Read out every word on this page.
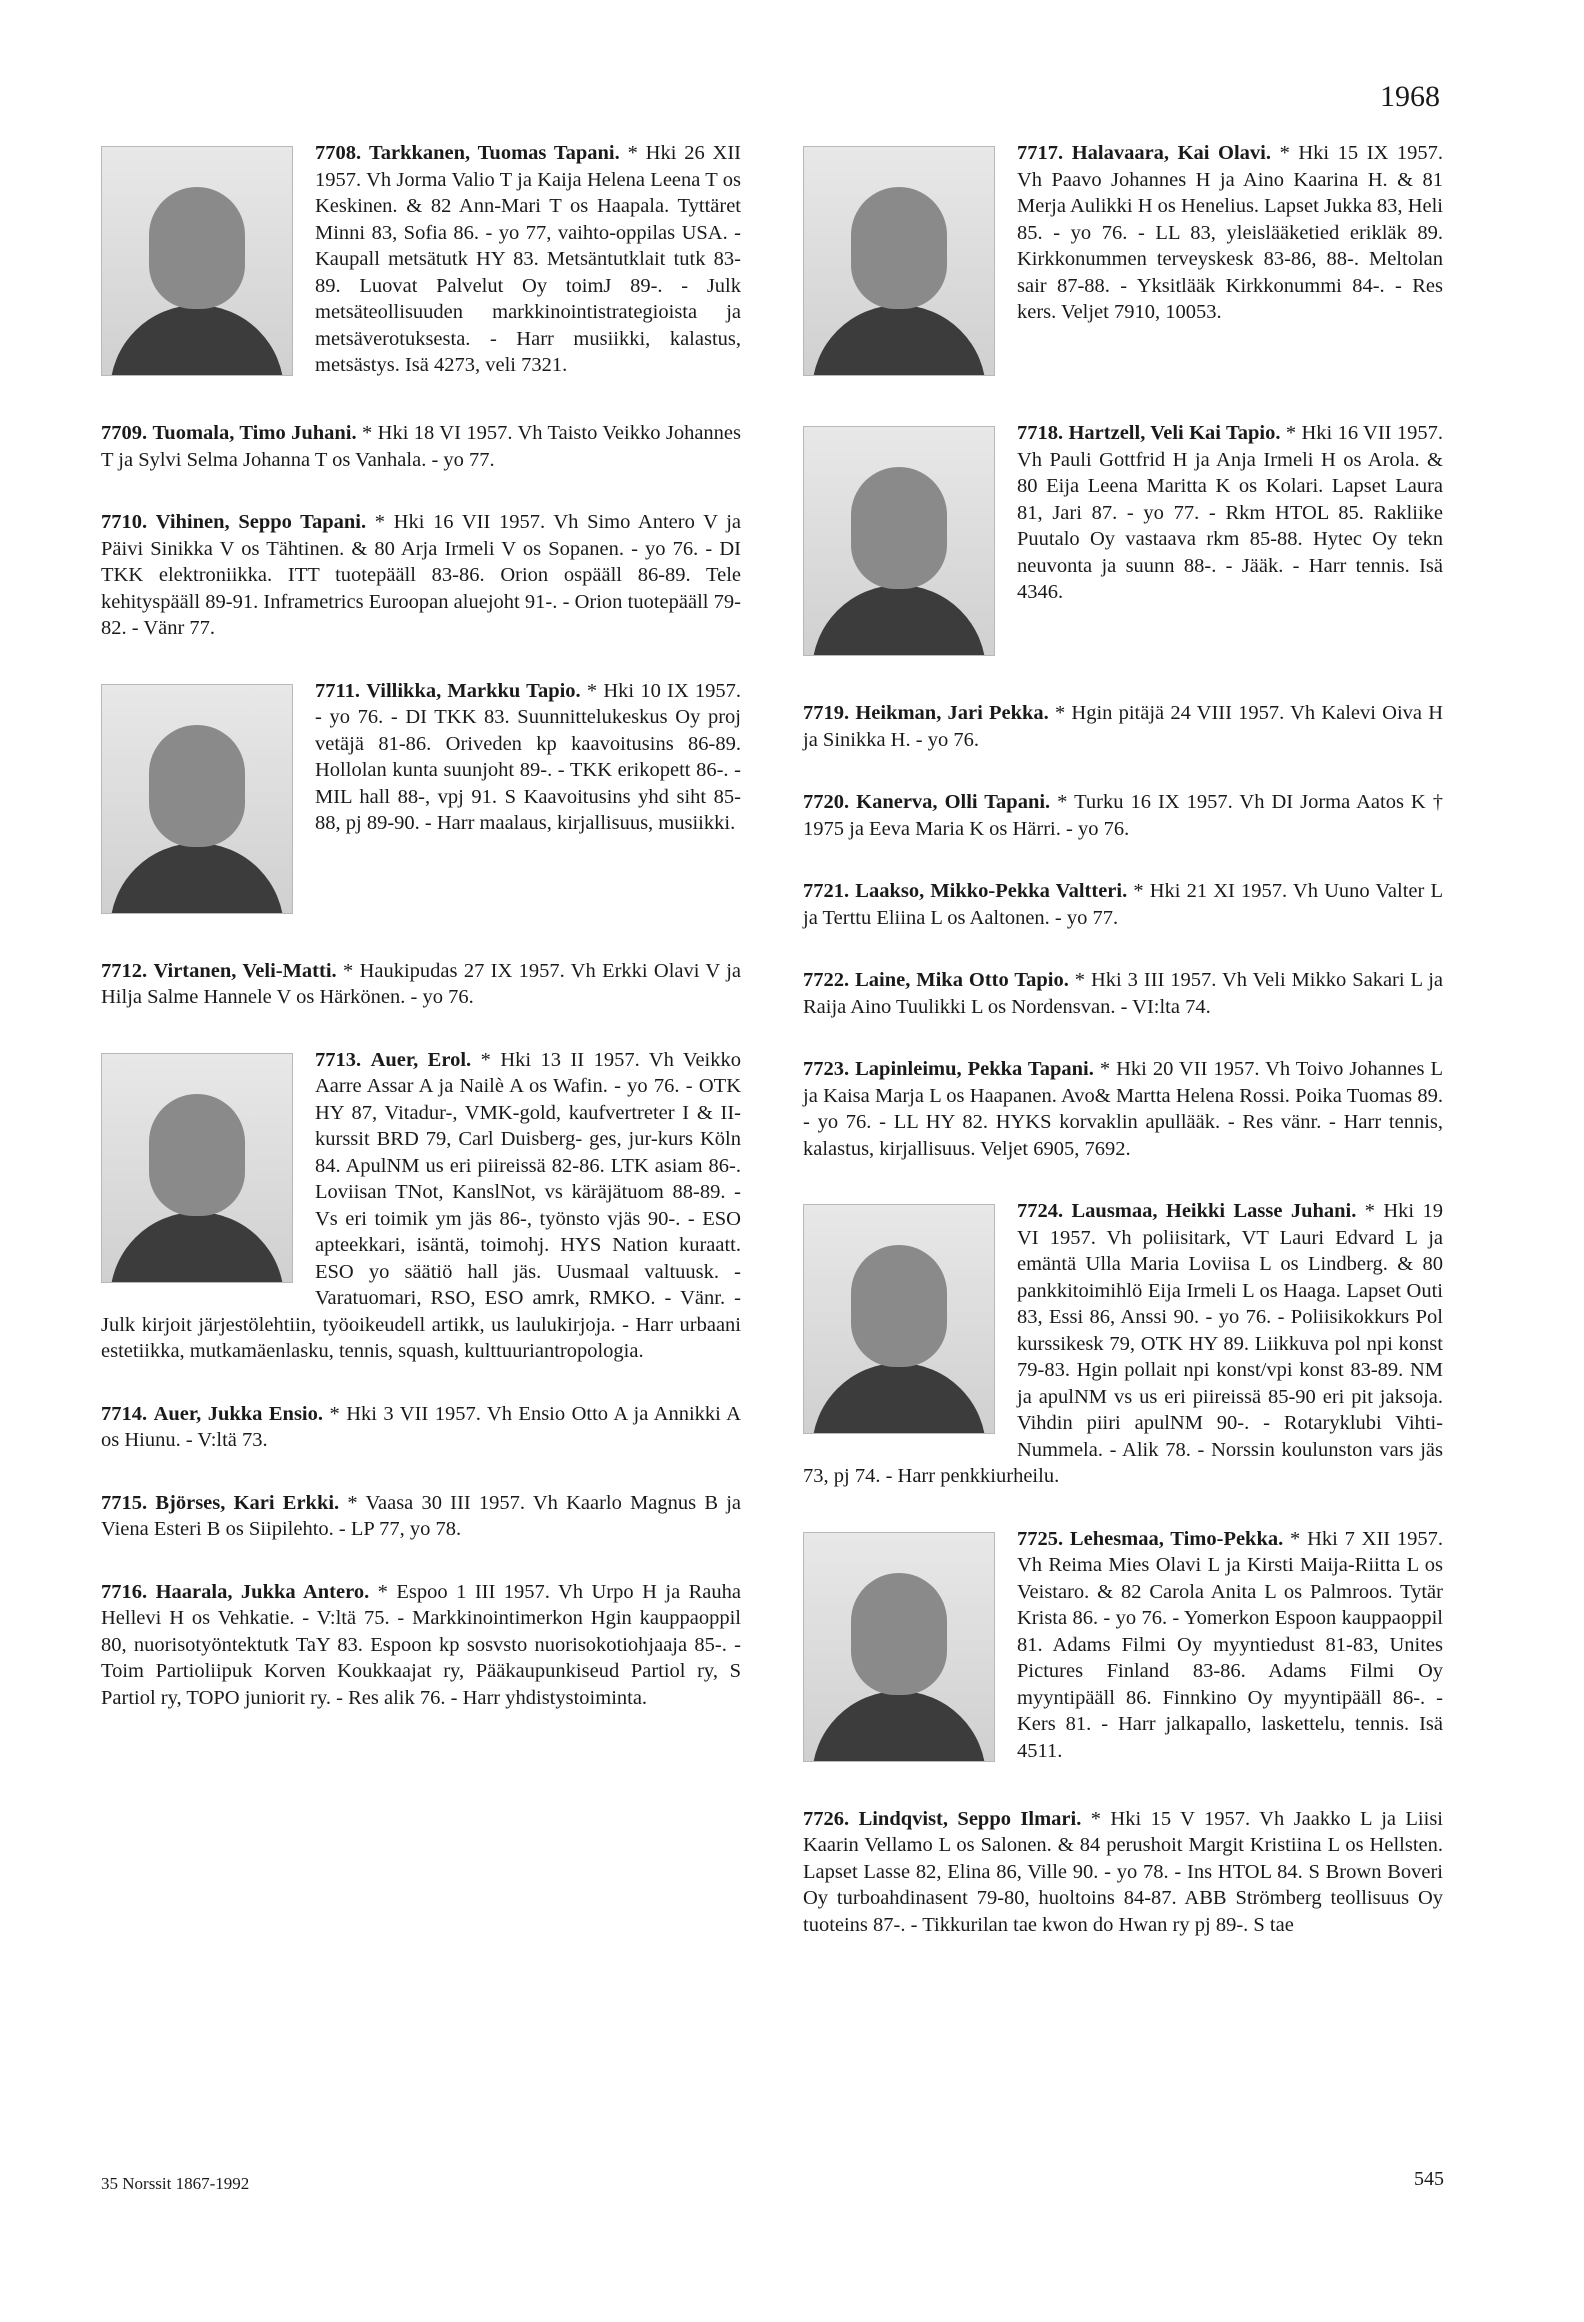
1968
7708. Tarkkanen, Tuomas Tapani. * Hki 26 XII 1957. Vh Jorma Valio T ja Kaija Helena Leena T os Keskinen. & 82 Ann-Mari T os Haapala. Tyttäret Minni 83, Sofia 86. - yo 77, vaihto-oppilas USA. - Kaupall metsätutk HY 83. Metsäntutklait tutk 83-89. Luovat Palvelut Oy toimJ 89-. - Julk metsäteollisuuden markkinointistrategioista ja metsäverotuksesta. - Harr musiikki, kalastus, metsästys. Isä 4273, veli 7321.
7709. Tuomala, Timo Juhani. * Hki 18 VI 1957. Vh Taisto Veikko Johannes T ja Sylvi Selma Johanna T os Vanhala. - yo 77.
7710. Vihinen, Seppo Tapani. * Hki 16 VII 1957. Vh Simo Antero V ja Päivi Sinikka V os Tähtinen. & 80 Arja Irmeli V os Sopanen. - yo 76. - DI TKK elektroniikka. ITT tuotepääll 83-86. Orion ospääll 86-89. Tele kehityspääll 89-91. Inframetrics Euroopan aluejoht 91-. - Orion tuotepääll 79-82. - Vänr 77.
7711. Villikka, Markku Tapio. * Hki 10 IX 1957. - yo 76. - DI TKK 83. Suunnittelukeskus Oy proj vetäjä 81-86. Oriveden kp kaavoitusins 86-89. Hollolan kunta suunjoht 89-. - TKK erikopett 86-. - MIL hall 88-, vpj 91. S Kaavoitusins yhd siht 85-88, pj 89-90. - Harr maalaus, kirjallisuus, musiikki.
7712. Virtanen, Veli-Matti. * Haukipudas 27 IX 1957. Vh Erkki Olavi V ja Hilja Salme Hannele V os Härkönen. - yo 76.
7713. Auer, Erol. * Hki 13 II 1957. Vh Veikko Aarre Assar A ja Nailè A os Wafin. - yo 76. - OTK HY 87, Vitadur-, VMK-gold, kaufvertreter I & II-kurssit BRD 79, Carl Duisberg- ges, jur-kurs Köln 84. ApulNM us eri piireissä 82-86. LTK asiam 86-. Loviisan TNot, KanslNot, vs käräjätuom 88-89. - Vs eri toimik ym jäs 86-, työnsto vjäs 90-. - ESO apteekkari, isäntä, toimohj. HYS Nation kuraatt. ESO yo säätiö hall jäs. Uusmaal valtuusk. - Varatuomari, RSO, ESO amrk, RMKO. - Vänr. - Julk kirjoit järjestölehtiin, työoikeudell artikk, us laulukirjoja. - Harr urbaani estetiikka, mutkamäenlasku, tennis, squash, kulttuuriantropologia.
7714. Auer, Jukka Ensio. * Hki 3 VII 1957. Vh Ensio Otto A ja Annikki A os Hiunu. - V:ltä 73.
7715. Björses, Kari Erkki. * Vaasa 30 III 1957. Vh Kaarlo Magnus B ja Viena Esteri B os Siipilehto. - LP 77, yo 78.
7716. Haarala, Jukka Antero. * Espoo 1 III 1957. Vh Urpo H ja Rauha Hellevi H os Vehkatie. - V:ltä 75. - Markkinointimerkon Hgin kauppaoppil 80, nuorisotyöntektutk TaY 83. Espoon kp sosvsto nuorisokotiohjaaja 85-. - Toim Partioliipuk Korven Koukkaajat ry, Pääkaupunkiseud Partiol ry, S Partiol ry, TOPO juniorit ry. - Res alik 76. - Harr yhdistystoiminta.
7717. Halavaara, Kai Olavi. * Hki 15 IX 1957. Vh Paavo Johannes H ja Aino Kaarina H. & 81 Merja Aulikki H os Henelius. Lapset Jukka 83, Heli 85. - yo 76. - LL 83, yleislääketied erikläk 89. Kirkkonummen terveyskesk 83-86, 88-. Meltolan sair 87-88. - Yksitlääk Kirkkonummi 84-. - Res kers. Veljet 7910, 10053.
7718. Hartzell, Veli Kai Tapio. * Hki 16 VII 1957. Vh Pauli Gottfrid H ja Anja Irmeli H os Arola. & 80 Eija Leena Maritta K os Kolari. Lapset Laura 81, Jari 87. - yo 77. - Rkm HTOL 85. Rakliike Puutalo Oy vastaava rkm 85-88. Hytec Oy tekn neuvonta ja suunn 88-. - Jääk. - Harr tennis. Isä 4346.
7719. Heikman, Jari Pekka. * Hgin pitäjä 24 VIII 1957. Vh Kalevi Oiva H ja Sinikka H. - yo 76.
7720. Kanerva, Olli Tapani. * Turku 16 IX 1957. Vh DI Jorma Aatos K † 1975 ja Eeva Maria K os Härri. - yo 76.
7721. Laakso, Mikko-Pekka Valtteri. * Hki 21 XI 1957. Vh Uuno Valter L ja Terttu Eliina L os Aaltonen. - yo 77.
7722. Laine, Mika Otto Tapio. * Hki 3 III 1957. Vh Veli Mikko Sakari L ja Raija Aino Tuulikki L os Nordensvan. - VI:lta 74.
7723. Lapinleimu, Pekka Tapani. * Hki 20 VII 1957. Vh Toivo Johannes L ja Kaisa Marja L os Haapanen. Avo& Martta Helena Rossi. Poika Tuomas 89. - yo 76. - LL HY 82. HYKS korvaklin apullääk. - Res vänr. - Harr tennis, kalastus, kirjallisuus. Veljet 6905, 7692.
7724. Lausmaa, Heikki Lasse Juhani. * Hki 19 VI 1957. Vh poliisitark, VT Lauri Edvard L ja emäntä Ulla Maria Loviisa L os Lindberg. & 80 pankkitoimihlö Eija Irmeli L os Haaga. Lapset Outi 83, Essi 86, Anssi 90. - yo 76. - Poliisikokkurs Pol kurssikesk 79, OTK HY 89. Liikkuva pol npi konst 79-83. Hgin pollait npi konst/vpi konst 83-89. NM ja apulNM vs us eri piireissä 85-90 eri pit jaksoja. Vihdin piiri apulNM 90-. - Rotaryklubi Vihti-Nummela. - Alik 78. - Norssin koulunston vars jäs 73, pj 74. - Harr penkkiurheilu.
7725. Lehesmaa, Timo-Pekka. * Hki 7 XII 1957. Vh Reima Mies Olavi L ja Kirsti Maija-Riitta L os Veistaro. & 82 Carola Anita L os Palmroos. Tytär Krista 86. - yo 76. - Yomerkon Espoon kauppaoppil 81. Adams Filmi Oy myyntiedust 81-83, Unites Pictures Finland 83-86. Adams Filmi Oy myyntipääll 86. Finnkino Oy myyntipääll 86-. - Kers 81. - Harr jalkapallo, laskettelu, tennis. Isä 4511.
7726. Lindqvist, Seppo Ilmari. * Hki 15 V 1957. Vh Jaakko L ja Liisi Kaarin Vellamo L os Salonen. & 84 perushoit Margit Kristiina L os Hellsten. Lapset Lasse 82, Elina 86, Ville 90. - yo 78. - Ins HTOL 84. S Brown Boveri Oy turboahdinasent 79-80, huoltoins 84-87. ABB Strömberg teollisuus Oy tuoteins 87-. - Tikkurilan tae kwon do Hwan ry pj 89-. S tae
35 Norssit 1867-1992	545
